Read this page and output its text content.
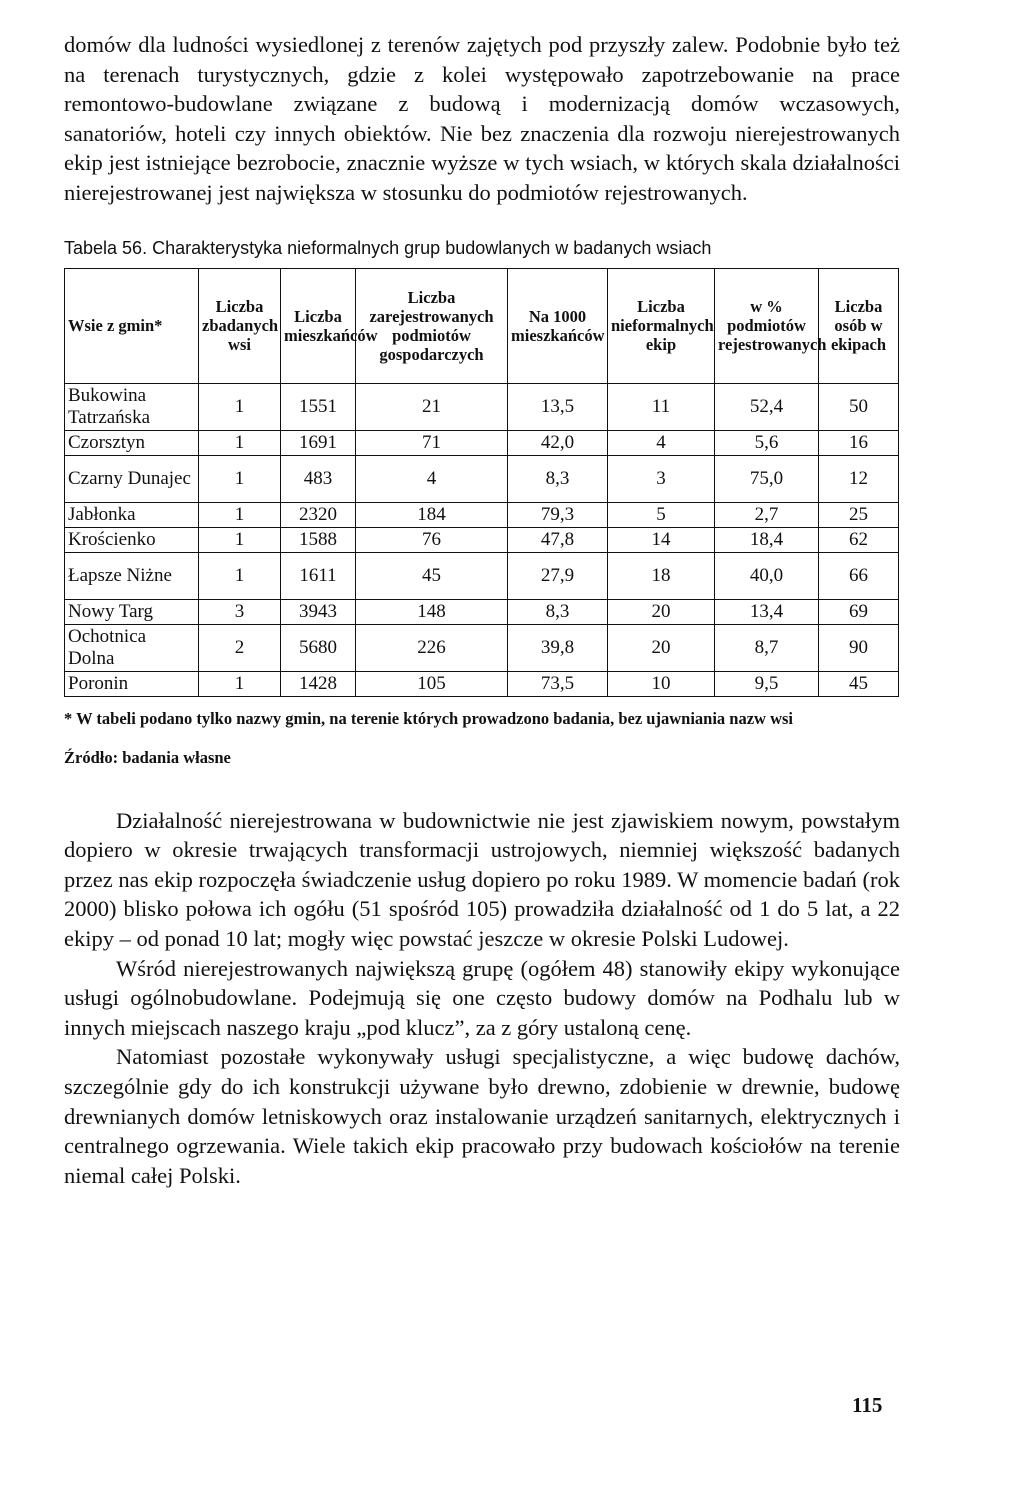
domów dla ludności wysiedlonej z terenów zajętych pod przyszły zalew. Podobnie było też na terenach turystycznych, gdzie z kolei występowało zapotrzebowanie na prace remontowo-budowlane związane z budową i modernizacją domów wczasowych, sanatoriów, hoteli czy innych obiektów. Nie bez znaczenia dla rozwoju nierejestrowanych ekip jest istniejące bezrobocie, znacznie wyższe w tych wsiach, w których skala działalności nierejestrowanej jest największa w stosunku do podmiotów rejestrowanych.

Tabela 56. Charakterystyka nieformalnych grup budowlanych w badanych wsiach
Wsie z gmin*	Liczba zbadanych wsi	Liczba mieszkańców	Liczba zarejestrowanych podmiotów gospodarczych	Na 1000 mieszkańców	Liczba nieformalnych ekip	w % podmiotów rejestrowanych	Liczba osób w ekipach
Bukowina Tatrzańska	1	1551	21	13,5	11	52,4	50
Czorsztyn	1	1691	71	42,0	4	5,6	16
Czarny Dunajec	1	483	4	8,3	3	75,0	12
Jabłonka	1	2320	184	79,3	5	2,7	25
Krościenko	1	1588	76	47,8	14	18,4	62
Łapsze Niżne	1	1611	45	27,9	18	40,0	66
Nowy Targ	3	3943	148	8,3	20	13,4	69
Ochotnica Dolna	2	5680	226	39,8	20	8,7	90
Poronin	1	1428	105	73,5	10	9,5	45
* W tabeli podano tylko nazwy gmin, na terenie których prowadzono badania, bez ujawniania nazw wsi
Źródło: badania własne

Działalność nierejestrowana w budownictwie nie jest zjawiskiem nowym, powstałym dopiero w okresie trwających transformacji ustrojowych, niemniej większość badanych przez nas ekip rozpoczęła świadczenie usług dopiero po roku 1989. W momencie badań (rok 2000) blisko połowa ich ogółu (51 spośród 105) prowadziła działalność od 1 do 5 lat, a 22 ekipy – od ponad 10 lat; mogły więc powstać jeszcze w okresie Polski Ludowej.

Wśród nierejestrowanych największą grupę (ogółem 48) stanowiły ekipy wykonujące usługi ogólnobudowlane. Podejmują się one często budowy domów na Podhalu lub w innych miejscach naszego kraju „pod klucz”, za z góry ustaloną cenę.

Natomiast pozostałe wykonywały usługi specjalistyczne, a więc budowę dachów, szczególnie gdy do ich konstrukcji używane było drewno, zdobienie w drewnie, budowę drewnianych domów letniskowych oraz instalowanie urządzeń sanitarnych, elektrycznych i centralnego ogrzewania. Wiele takich ekip pracowało przy budowach kościołów na terenie niemal całej Polski.

115
